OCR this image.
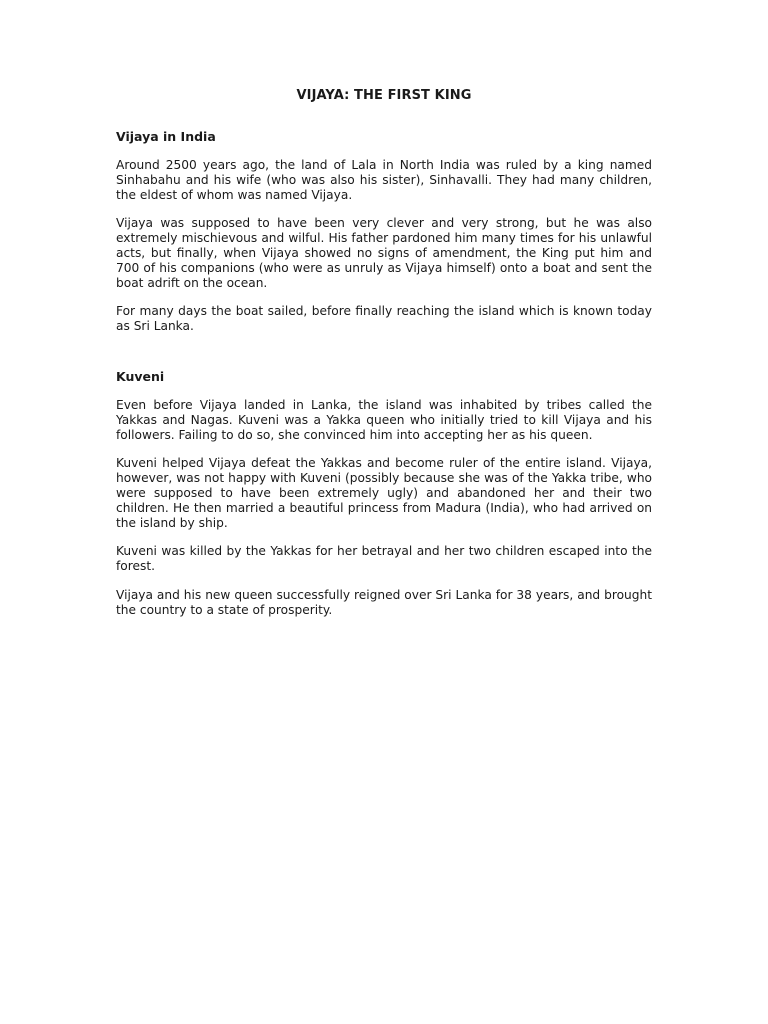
VIJAYA: THE FIRST KING
Vijaya in India

Around 2500 years ago, the land of Lala in North India was ruled by a king named Sinhabahu and his wife (who was also his sister), Sinhavalli. They had many children, the eldest of whom was named Vijaya.

Vijaya was supposed to have been very clever and very strong, but he was also extremely mischievous and wilful. His father pardoned him many times for his unlawful acts, but finally, when Vijaya showed no signs of amendment, the King put him and 700 of his companions (who were as unruly as Vijaya himself) onto a boat and sent the boat adrift on the ocean.

For many days the boat sailed, before finally reaching the island which is known today as Sri Lanka.

Kuveni

Even before Vijaya landed in Lanka, the island was inhabited by tribes called the Yakkas and Nagas. Kuveni was a Yakka queen who initially tried to kill Vijaya and his followers. Failing to do so, she convinced him into accepting her as his queen.

Kuveni helped Vijaya defeat the Yakkas and become ruler of the entire island. Vijaya, however, was not happy with Kuveni (possibly because she was of the Yakka tribe, who were supposed to have been extremely ugly) and abandoned her and their two children. He then married a beautiful princess from Madura (India), who had arrived on the island by ship.

Kuveni was killed by the Yakkas for her betrayal and her two children escaped into the forest.

Vijaya and his new queen successfully reigned over Sri Lanka for 38 years, and brought the country to a state of prosperity.
